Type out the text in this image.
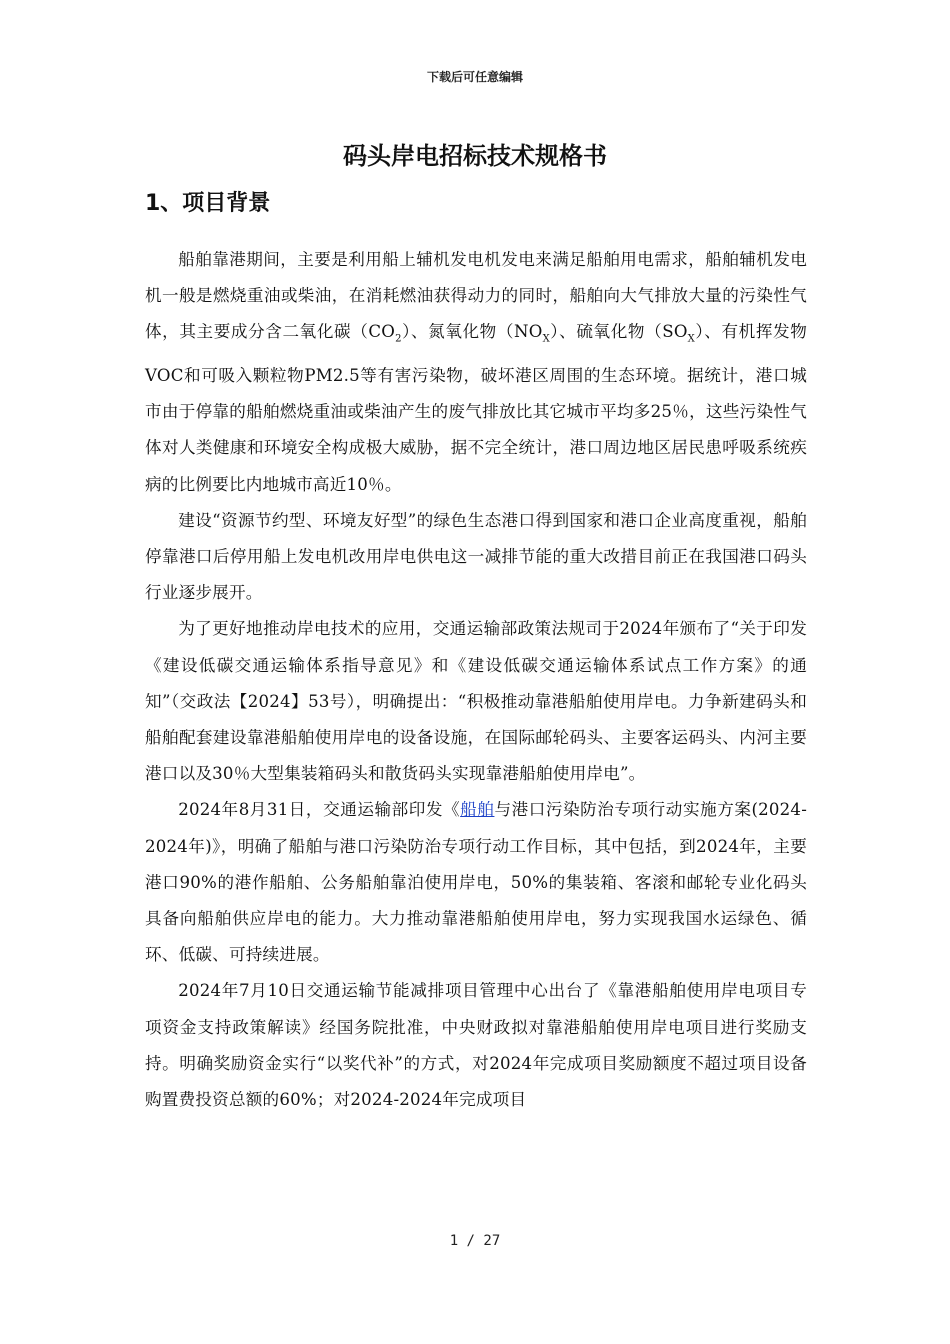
下载后可任意编辑
码头岸电招标技术规格书
1、项目背景

船舶靠港期间，主要是利用船上辅机发电机发电来满足船舶用电需求，船舶辅机发电机一般是燃烧重油或柴油，在消耗燃油获得动力的同时，船舶向大气排放大量的污染性气体，其主要成分含二氧化碳$(CO_2)$、氮氧化物$(NO_X)$、硫氧化物$(SO_X)$、有机挥发物VOC和可吸入颗粒物PM2.5等有害污染物，破坏港区周围的生态环境。据统计，港口城市由于停靠的船舶燃烧重油或柴油产生的废气排放比其它城市平均多25％，这些污染性气体对人类健康和环境安全构成极大威胁，据不完全统计，港口周边地区居民患呼吸系统疾病的比例要比内地城市高近10％。

建设“资源节约型、环境友好型”的绿色生态港口得到国家和港口企业高度重视，船舶停靠港口后停用船上发电机改用岸电供电这一减排节能的重大改措目前正在我国港口码头行业逐步展开。

为了更好地推动岸电技术的应用，交通运输部政策法规司于2024年颁布了“关于印发《建设低碳交通运输体系指导意见》和《建设低碳交通运输体系试点工作方案》的通知”（交政法【2024】53号），明确提出：“积极推动靠港船舶使用岸电。力争新建码头和船舶配套建设靠港船舶使用岸电的设备设施，在国际邮轮码头、主要客运码头、内河主要港口以及30％大型集装箱码头和散货码头实现靠港船舶使用岸电”。

2024年8月31日，交通运输部印发《船舶与港口污染防治专项行动实施方案(2024-2024年)》，明确了船舶与港口污染防治专项行动工作目标，其中包括，到2024年，主要港口90%的港作船舶、公务船舶靠泊使用岸电，50%的集装箱、客滚和邮轮专业化码头具备向船舶供应岸电的能力。大力推动靠港船舶使用岸电，努力实现我国水运绿色、循环、低碳、可持续进展。

2024年7月10日交通运输节能减排项目管理中心出台了《靠港船舶使用岸电项目专项资金支持政策解读》经国务院批准，中央财政拟对靠港船舶使用岸电项目进行奖励支持。明确奖励资金实行“以奖代补”的方式，对2024年完成项目奖励额度不超过项目设备购置费投资总额的60%；对2024-2024年完成项目

1 / 27
